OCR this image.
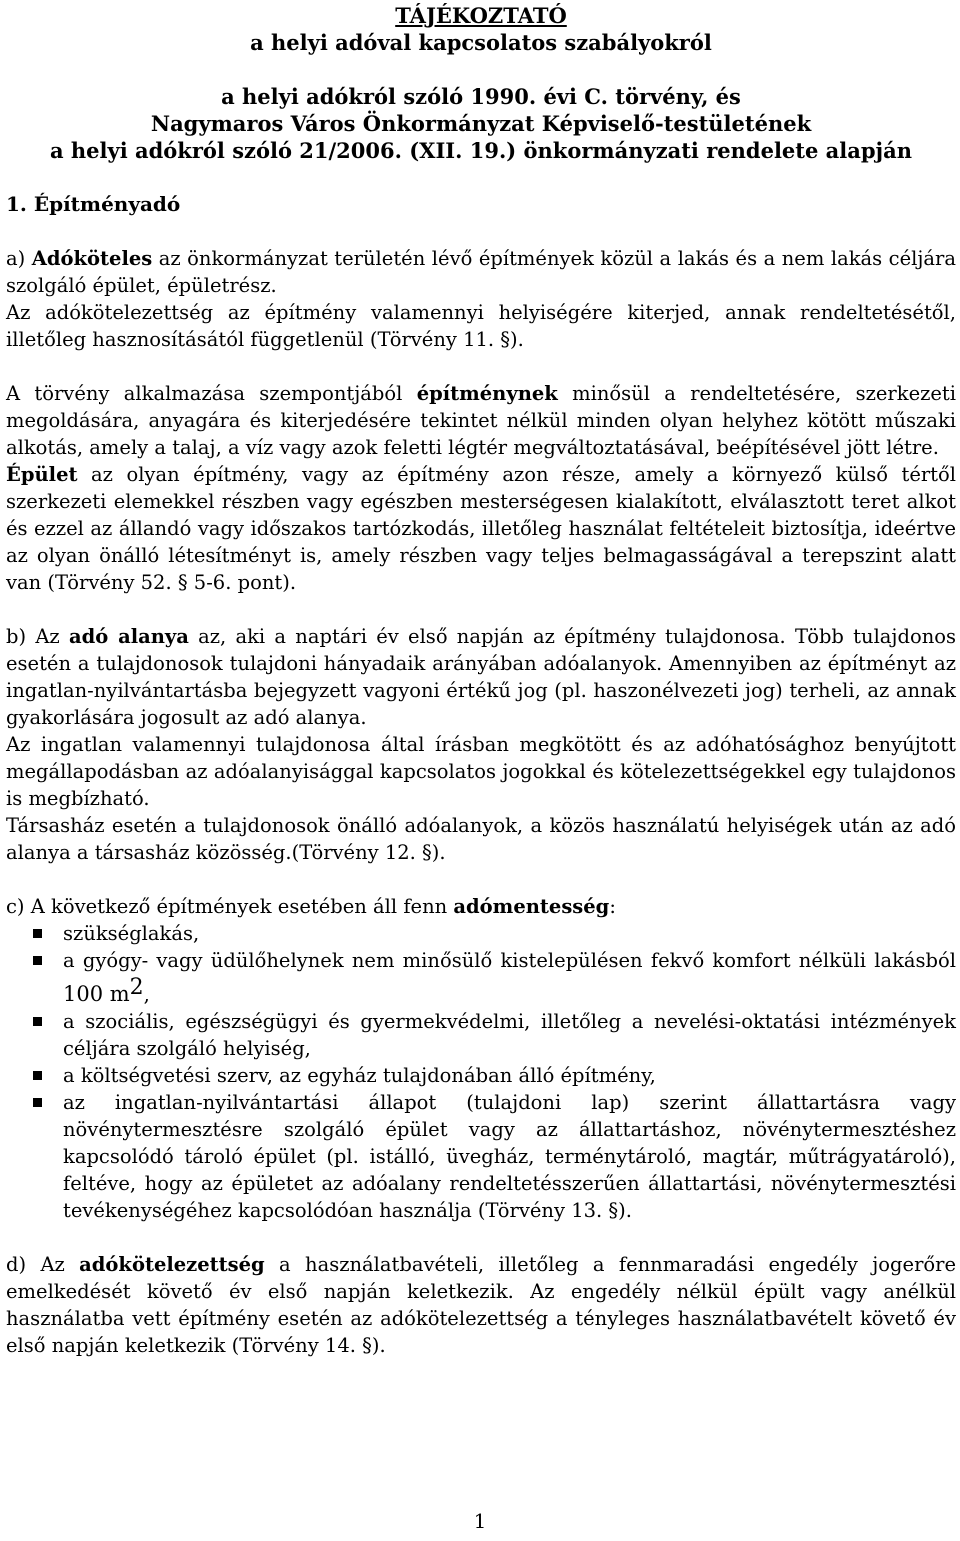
TÁJÉKOZTATÓ
a helyi adóval kapcsolatos szabályokról
a helyi adókról szóló 1990. évi C. törvény, és
Nagymaros Város Önkormányzat Képviselő-testületének
a helyi adókról szóló 21/2006. (XII. 19.) önkormányzati rendelete alapján
1. Építményadó

a) Adóköteles az önkormányzat területén lévő építmények közül a lakás és a nem lakás céljára szolgáló épület, épületrész.

Az adókötelezettség az építmény valamennyi helyiségére kiterjed, annak rendeltetésétől, illetőleg hasznosításától függetlenül (Törvény 11. §).

A törvény alkalmazása szempontjából építménynek minősül a rendeltetésére, szerkezeti megoldására, anyagára és kiterjedésére tekintet nélkül minden olyan helyhez kötött műszaki alkotás, amely a talaj, a víz vagy azok feletti légtér megváltoztatásával, beépítésével jött létre.

Épület az olyan építmény, vagy az építmény azon része, amely a környező külső tértől szerkezeti elemekkel részben vagy egészben mesterségesen kialakított, elválasztott teret alkot és ezzel az állandó vagy időszakos tartózkodás, illetőleg használat feltételeit biztosítja, ideértve az olyan önálló létesítményt is, amely részben vagy teljes belmagasságával a terepszint alatt van (Törvény 52. § 5-6. pont).

b) Az adó alanya az, aki a naptári év első napján az építmény tulajdonosa. Több tulajdonos esetén a tulajdonosok tulajdoni hányadaik arányában adóalanyok. Amennyiben az építményt az ingatlan-nyilvántartásba bejegyzett vagyoni értékű jog (pl. haszonélvezeti jog) terheli, az annak gyakorlására jogosult az adó alanya.

Az ingatlan valamennyi tulajdonosa által írásban megkötött és az adóhatósághoz benyújtott megállapodásban az adóalanyisággal kapcsolatos jogokkal és kötelezettségekkel egy tulajdonos is megbízható.

Társasház esetén a tulajdonosok önálló adóalanyok, a közös használatú helyiségek után az adó alanya a társasház közösség.(Törvény 12. §).

c) A következő építmények esetében áll fenn adómentesség:

szükséglakás,
a gyógy- vagy üdülőhelynek nem minősülő kistelepülésen fekvő komfort nélküli lakásból 100 m2,
a szociális, egészségügyi és gyermekvédelmi, illetőleg a nevelési-oktatási intézmények céljára szolgáló helyiség,
a költségvetési szerv, az egyház tulajdonában álló építmény,
az ingatlan-nyilvántartási állapot (tulajdoni lap) szerint állattartásra vagy növénytermesztésre szolgáló épület vagy az állattartáshoz, növénytermesztéshez kapcsolódó tároló épület (pl. istálló, üvegház, terménytároló, magtár, műtrágyatároló), feltéve, hogy az épületet az adóalany rendeltetésszerűen állattartási, növénytermesztési tevékenységéhez kapcsolódóan használja (Törvény 13. §).

d) Az adókötelezettség a használatbavételi, illetőleg a fennmaradási engedély jogerőre emelkedését követő év első napján keletkezik. Az engedély nélkül épült vagy anélkül használatba vett építmény esetén az adókötelezettség a tényleges használatbavételt követő év első napján keletkezik (Törvény 14. §).

1
